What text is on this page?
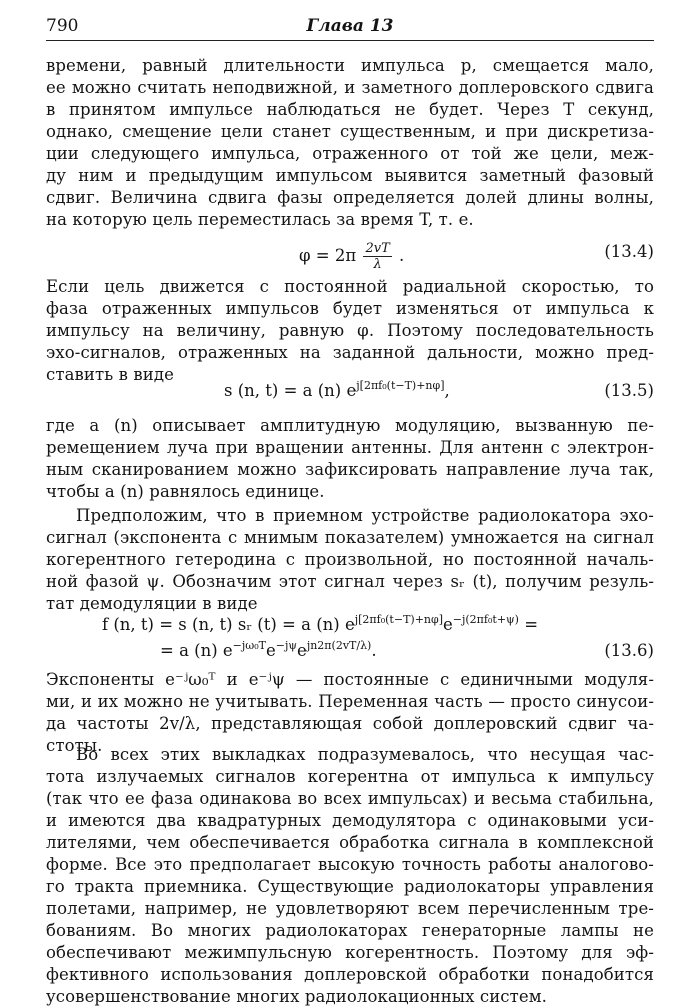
790	Глава 13
времени, равный длительности импульса p, смещается мало,
ее можно считать неподвижной, и заметного доплеровского сдвига
в принятом импульсе наблюдаться не будет. Через T секунд,
однако, смещение цели станет существенным, и при дискретиза-
ции следующего импульса, отраженного от той же цели, меж-
ду ним и предыдущим импульсом выявится заметный фазовый
сдвиг. Величина сдвига фазы определяется долей длины волны,
на которую цель переместилась за время T, т. е.
$\varphi = 2\pi \frac{2vT}{\lambda}$ .	(13.4)
Если цель движется с постоянной радиальной скоростью, то
фаза отраженных импульсов будет изменяться от импульса к
импульсу на величину, равную φ. Поэтому последовательность
эхо-сигналов, отраженных на заданной дальности, можно пред-
ставить в виде
s (n, t) = a (n) $e^{j[2\pi f_0(t-T)+n\varphi]}$,	(13.5)
где a (n) описывает амплитудную модуляцию, вызванную пе-
ремещением луча при вращении антенны. Для антенн с электрон-
ным сканированием можно зафиксировать направление луча так,
чтобы a (n) равнялось единице.
Предположим, что в приемном устройстве радиолокатора эхо-
сигнал (экспонента с мнимым показателем) умножается на сигнал
когерентного гетеродина с произвольной, но постоянной началь-
ной фазой ψ. Обозначим этот сигнал через sᵣ (t), получим резуль-
тат демодуляции в виде
f (n, t) = s (n, t) sᵣ (t) = a (n) $e^{j[2\pi f_0(t-T)+n\varphi]}e^{-j(2\pi f_0t+\psi)}$ =
= a (n) $e^{-j\omega_0T}e^{-j\psi}e^{jn2\pi(2vT/\lambda)}$.	(13.6)
Экспоненты e⁻ʲω₀ᵀ и e⁻ʲψ — постоянные с единичными модуля-
ми, и их можно не учитывать. Переменная часть — просто синусои-
да частоты 2v/λ, представляющая собой доплеровский сдвиг ча-
стоты.
Во всех этих выкладках подразумевалось, что несущая час-
тота излучаемых сигналов когерентна от импульса к импульсу
(так что ее фаза одинакова во всех импульсах) и весьма стабильна,
и имеются два квадратурных демодулятора с одинаковыми уси-
лителями, чем обеспечивается обработка сигнала в комплексной
форме. Все это предполагает высокую точность работы аналогово-
го тракта приемника. Существующие радиолокаторы управления
полетами, например, не удовлетворяют всем перечисленным тре-
бованиям. Во многих радиолокаторах генераторные лампы не
обеспечивают межимпульсную когерентность. Поэтому для эф-
фективного использования доплеровской обработки понадобится
усовершенствование многих радиолокационных систем.
